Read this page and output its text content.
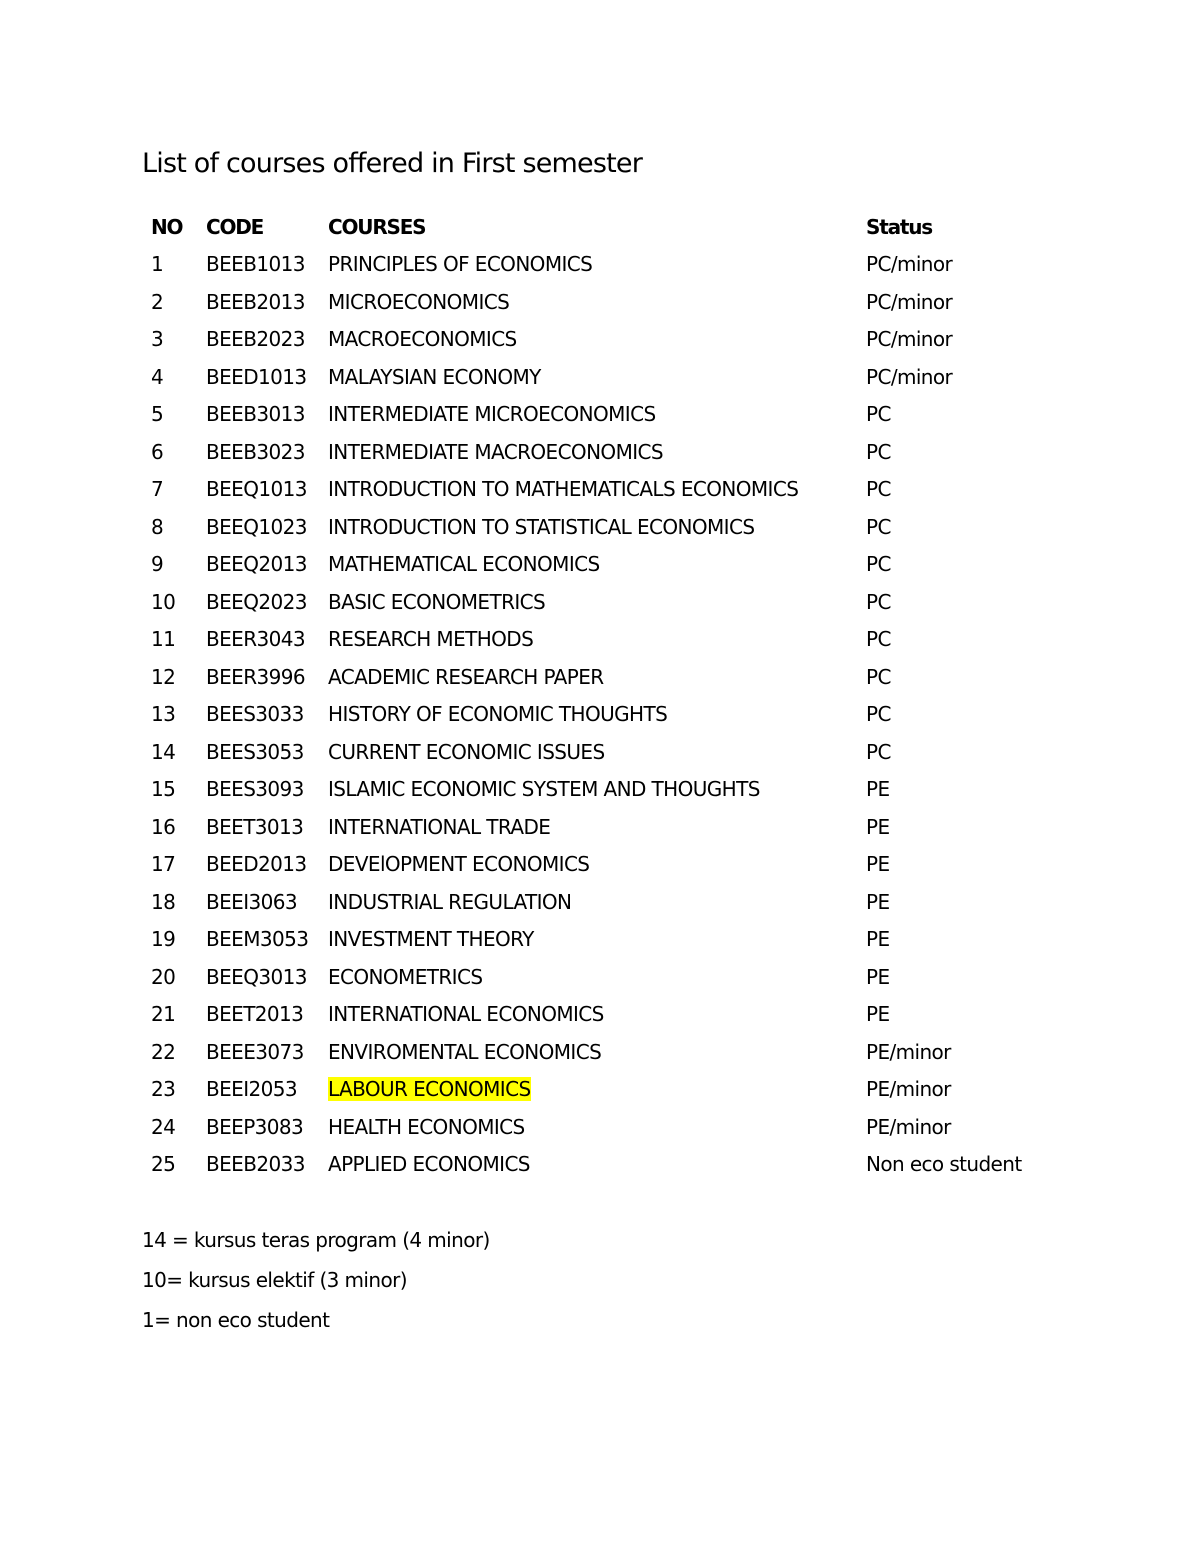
List of courses offered in First semester
NO	CODE	COURSES	Status
1	BEEB1013	PRINCIPLES OF ECONOMICS	PC/minor
2	BEEB2013	MICROECONOMICS	PC/minor
3	BEEB2023	MACROECONOMICS	PC/minor
4	BEED1013	MALAYSIAN ECONOMY	PC/minor
5	BEEB3013	INTERMEDIATE MICROECONOMICS	PC
6	BEEB3023	INTERMEDIATE MACROECONOMICS	PC
7	BEEQ1013	INTRODUCTION TO MATHEMATICALS ECONOMICS	PC
8	BEEQ1023	INTRODUCTION TO STATISTICAL ECONOMICS	PC
9	BEEQ2013	MATHEMATICAL ECONOMICS	PC
10	BEEQ2023	BASIC ECONOMETRICS	PC
11	BEER3043	RESEARCH METHODS	PC
12	BEER3996	ACADEMIC RESEARCH PAPER	PC
13	BEES3033	HISTORY OF ECONOMIC THOUGHTS	PC
14	BEES3053	CURRENT ECONOMIC ISSUES	PC
15	BEES3093	ISLAMIC ECONOMIC SYSTEM AND THOUGHTS	PE
16	BEET3013	INTERNATIONAL TRADE	PE
17	BEED2013	DEVElOPMENT ECONOMICS	PE
18	BEEI3063	INDUSTRIAL REGULATION	PE
19	BEEM3053	INVESTMENT THEORY	PE
20	BEEQ3013	ECONOMETRICS	PE
21	BEET2013	INTERNATIONAL ECONOMICS	PE
22	BEEE3073	ENVIROMENTAL ECONOMICS	PE/minor
23	BEEI2053	LABOUR ECONOMICS	PE/minor
24	BEEP3083	HEALTH ECONOMICS	PE/minor
25	BEEB2033	APPLIED ECONOMICS	Non eco student

14 = kursus teras program (4 minor)

10= kursus elektif (3 minor)

1= non eco student
